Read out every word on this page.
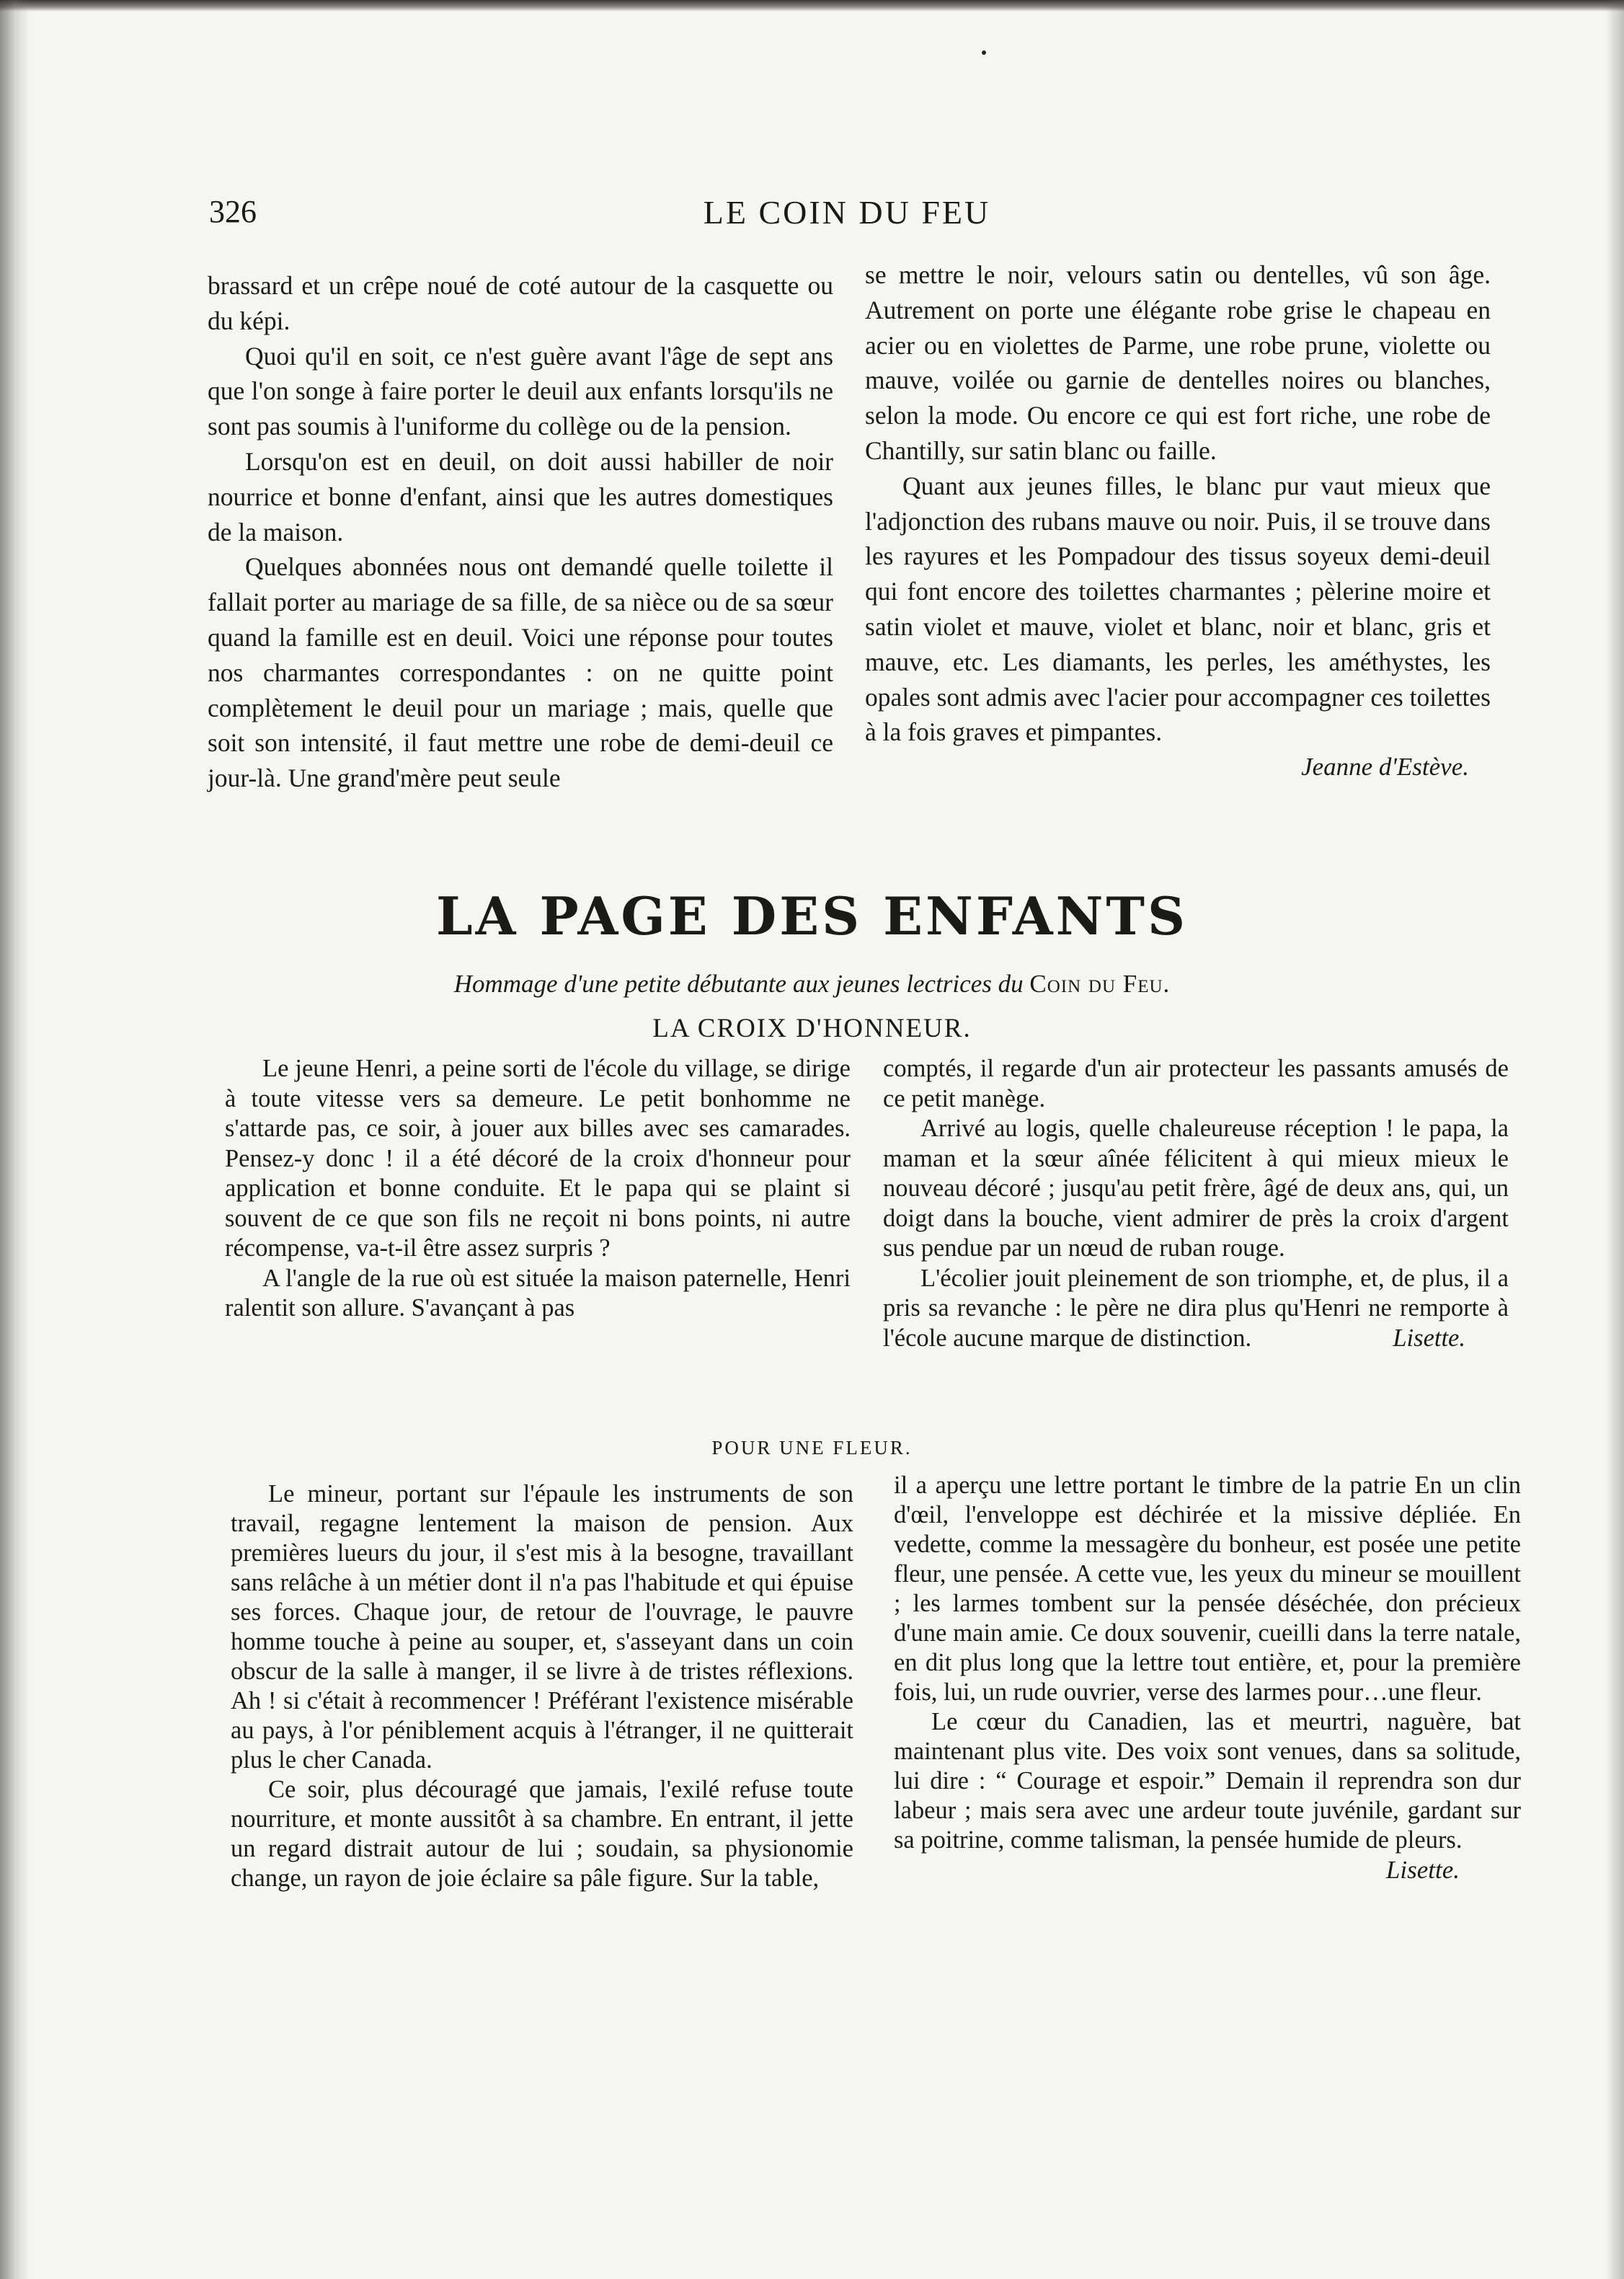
326	LE COIN DU FEU

brassard et un crêpe noué de coté autour de la casquette ou du képi.

Quoi qu'il en soit, ce n'est guère avant l'âge de sept ans que l'on songe à faire porter le deuil aux enfants lorsqu'ils ne sont pas soumis à l'uniforme du collège ou de la pension.

Lorsqu'on est en deuil, on doit aussi habiller de noir nourrice et bonne d'enfant, ainsi que les autres domestiques de la maison.

Quelques abonnées nous ont demandé quelle toilette il fallait porter au mariage de sa fille, de sa nièce ou de sa sœur quand la famille est en deuil. Voici une réponse pour toutes nos charmantes correspondantes : on ne quitte point complètement le deuil pour un mariage ; mais, quelle que soit son intensité, il faut mettre une robe de demi-deuil ce jour-là. Une grand'mère peut seule

se mettre le noir, velours satin ou dentelles, vû son âge. Autrement on porte une élégante robe grise le chapeau en acier ou en violettes de Parme, une robe prune, violette ou mauve, voilée ou garnie de dentelles noires ou blanches, selon la mode. Ou encore ce qui est fort riche, une robe de Chantilly, sur satin blanc ou faille.

Quant aux jeunes filles, le blanc pur vaut mieux que l'adjonction des rubans mauve ou noir. Puis, il se trouve dans les rayures et les Pompadour des tissus soyeux demi-deuil qui font encore des toilettes charmantes ; pèlerine moire et satin violet et mauve, violet et blanc, noir et blanc, gris et mauve, etc. Les diamants, les perles, les améthystes, les opales sont admis avec l'acier pour accompagner ces toilettes à la fois graves et pimpantes.

Jeanne d'Estève.
LA PAGE DES ENFANTS
Hommage d'une petite débutante aux jeunes lectrices du Coin du Feu.
LA CROIX D'HONNEUR.

Le jeune Henri, a peine sorti de l'école du village, se dirige à toute vitesse vers sa demeure. Le petit bonhomme ne s'attarde pas, ce soir, à jouer aux billes avec ses camarades. Pensez-y donc ! il a été décoré de la croix d'honneur pour application et bonne conduite. Et le papa qui se plaint si souvent de ce que son fils ne reçoit ni bons points, ni autre récompense, va-t-il être assez surpris ?

A l'angle de la rue où est située la maison paternelle, Henri ralentit son allure. S'avançant à pas

comptés, il regarde d'un air protecteur les passants amusés de ce petit manège.

Arrivé au logis, quelle chaleureuse réception ! le papa, la maman et la sœur aînée félicitent à qui mieux mieux le nouveau décoré ; jusqu'au petit frère, âgé de deux ans, qui, un doigt dans la bouche, vient admirer de près la croix d'argent sus pendue par un nœud de ruban rouge.

L'écolier jouit pleinement de son triomphe, et, de plus, il a pris sa revanche : le père ne dira plus qu'Henri ne remporte à l'école aucune marque de distinction.	Lisette.

POUR UNE FLEUR.

Le mineur, portant sur l'épaule les instruments de son travail, regagne lentement la maison de pension. Aux premières lueurs du jour, il s'est mis à la besogne, travaillant sans relâche à un métier dont il n'a pas l'habitude et qui épuise ses forces. Chaque jour, de retour de l'ouvrage, le pauvre homme touche à peine au souper, et, s'asseyant dans un coin obscur de la salle à manger, il se livre à de tristes réflexions. Ah ! si c'était à recommencer ! Préférant l'existence misérable au pays, à l'or péniblement acquis à l'étranger, il ne quitterait plus le cher Canada.

Ce soir, plus découragé que jamais, l'exilé refuse toute nourriture, et monte aussitôt à sa chambre. En entrant, il jette un regard distrait autour de lui ; soudain, sa physionomie change, un rayon de joie éclaire sa pâle figure. Sur la table,

il a aperçu une lettre portant le timbre de la patrie En un clin d'œil, l'enveloppe est déchirée et la missive dépliée. En vedette, comme la messagère du bonheur, est posée une petite fleur, une pensée. A cette vue, les yeux du mineur se mouillent ; les larmes tombent sur la pensée déséchée, don précieux d'une main amie. Ce doux souvenir, cueilli dans la terre natale, en dit plus long que la lettre tout entière, et, pour la première fois, lui, un rude ouvrier, verse des larmes pour…une fleur.

Le cœur du Canadien, las et meurtri, naguère, bat maintenant plus vite. Des voix sont venues, dans sa solitude, lui dire : “ Courage et espoir.” Demain il reprendra son dur labeur ; mais sera avec une ardeur toute juvénile, gardant sur sa poitrine, comme talisman, la pensée humide de pleurs.

Lisette.
